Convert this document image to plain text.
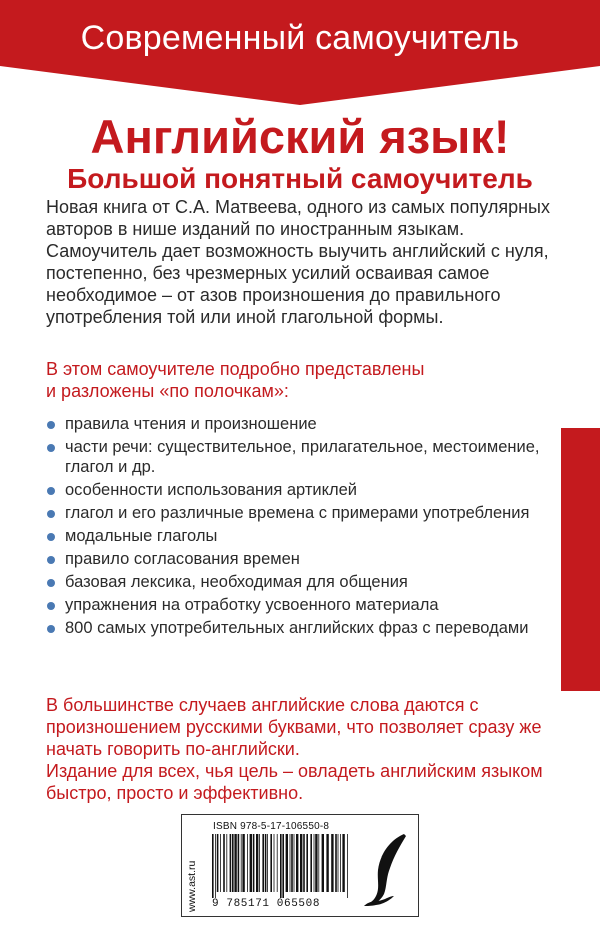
Современный самоучитель
Английский язык!
Большой понятный самоучитель

Новая книга от С.А. Матвеева, одного из самых популярных авторов в нише изданий по иностранным языкам.

Самоучитель дает возможность выучить английский с нуля, постепенно, без чрезмерных усилий осваивая самое необходимое – от азов произношения до правильного употребления той или иной глагольной формы.

В этом самоучителе подробно представлены
и разложены «по полочкам»:
правила чтения и произношение
части речи: существительное, прилагательное, местоимение, глагол и др.
особенности использования артиклей
глагол и его различные времена с примерами употребления
модальные глаголы
правило согласования времен
базовая лексика, необходимая для общения
упражнения на отработку усвоенного материала
800 самых употребительных английских фраз с переводами

В большинстве случаев английские слова даются с произношением русскими буквами, что позволяет сразу же начать говорить по-английски.

Издание для всех, чья цель – овладеть английским языком быстро, просто и эффективно.

www.ast.ru
ISBN 978-5-17-106550-8
9 785171 065508
